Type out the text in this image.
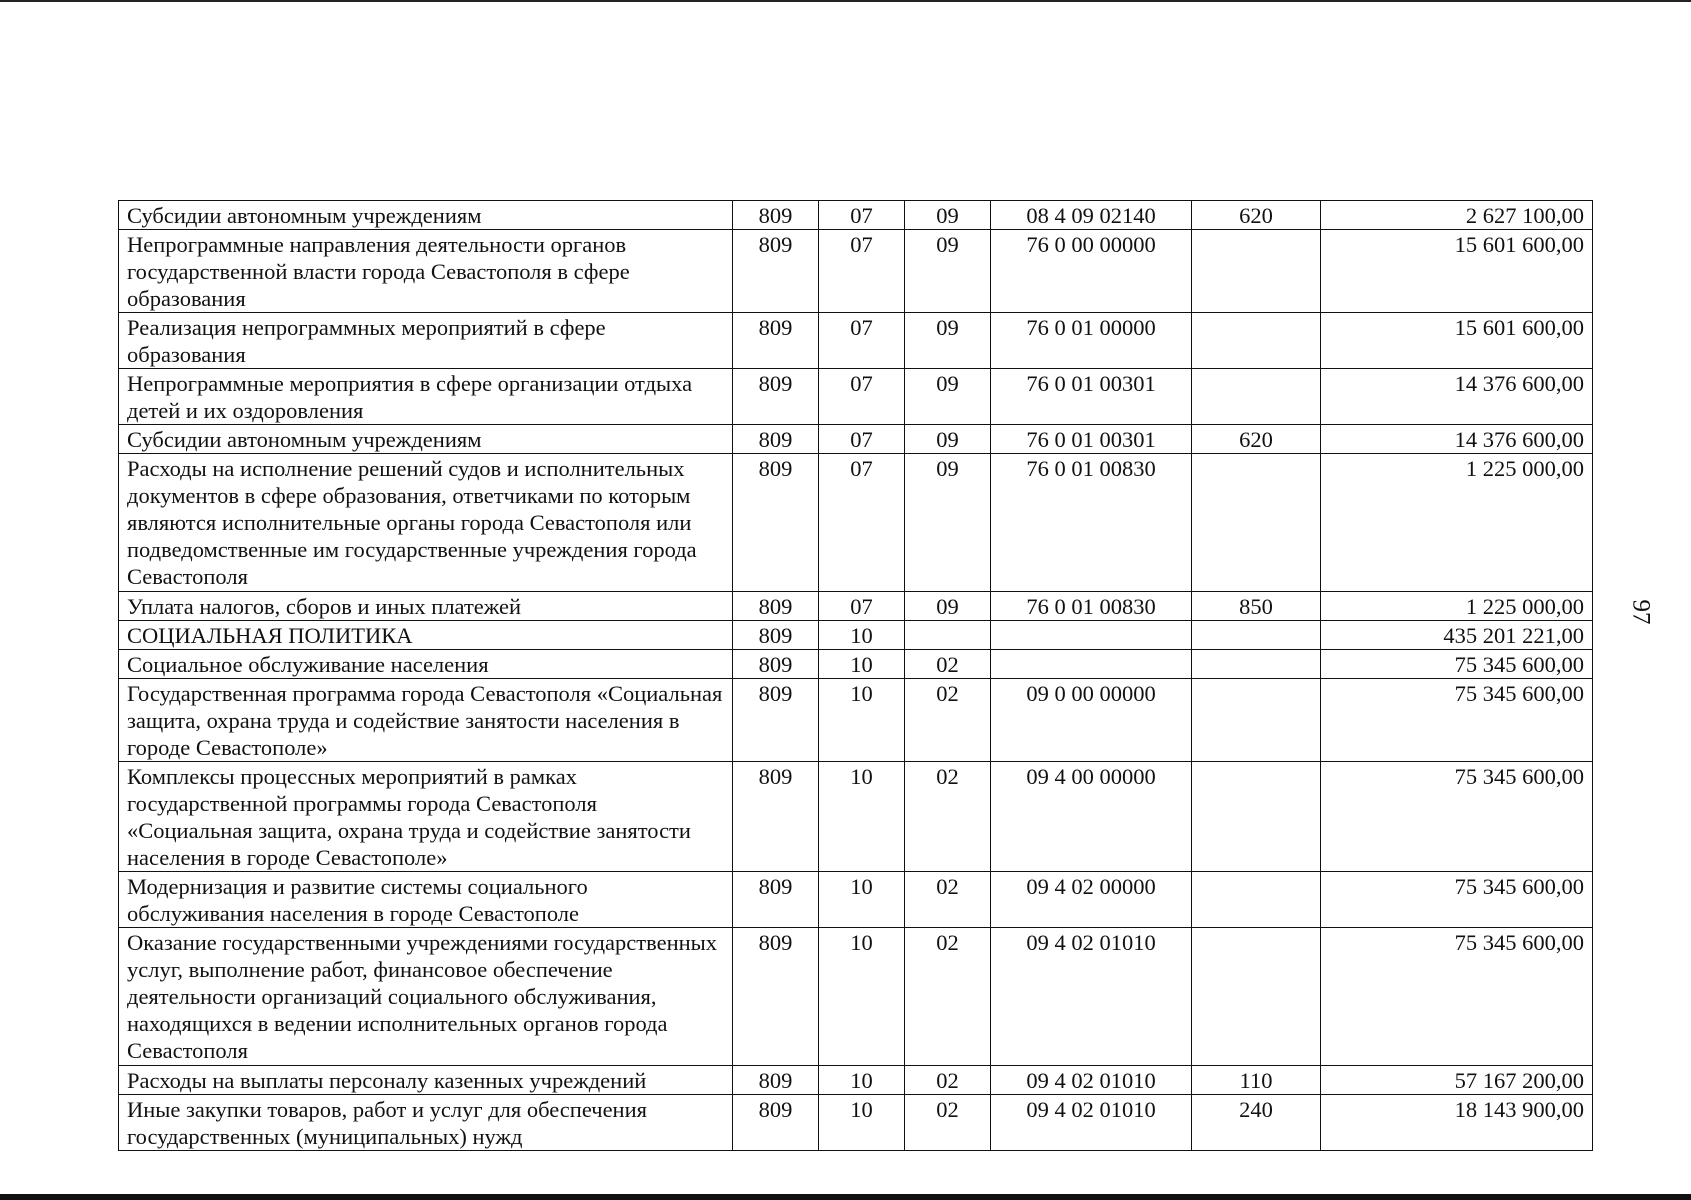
Субсидии автономным учреждениям	809	07	09	08 4 09 02140	620	2 627 100,00
Непрограммные направления деятельности органов государственной власти города Севастополя в сфере образования	809	07	09	76 0 00 00000		15 601 600,00
Реализация непрограммных мероприятий в сфере образования	809	07	09	76 0 01 00000		15 601 600,00
Непрограммные мероприятия в сфере организации отдыха детей и их оздоровления	809	07	09	76 0 01 00301		14 376 600,00
Субсидии автономным учреждениям	809	07	09	76 0 01 00301	620	14 376 600,00
Расходы на исполнение решений судов и исполнительных документов в сфере образования, ответчиками по которым являются исполнительные органы города Севастополя или подведомственные им государственные учреждения города Севастополя	809	07	09	76 0 01 00830		1 225 000,00
Уплата налогов, сборов и иных платежей	809	07	09	76 0 01 00830	850	1 225 000,00
СОЦИАЛЬНАЯ ПОЛИТИКА	809	10				435 201 221,00
Социальное обслуживание населения	809	10	02			75 345 600,00
Государственная программа города Севастополя «Социальная защита, охрана труда и содействие занятости населения в городе Севастополе»	809	10	02	09 0 00 00000		75 345 600,00
Комплексы процессных мероприятий в рамках государственной программы города Севастополя «Социальная защита, охрана труда и содействие занятости населения в городе Севастополе»	809	10	02	09 4 00 00000		75 345 600,00
Модернизация и развитие системы социального обслуживания населения в городе Севастополе	809	10	02	09 4 02 00000		75 345 600,00
Оказание государственными учреждениями государственных услуг, выполнение работ, финансовое обеспечение деятельности организаций социального обслуживания, находящихся в ведении исполнительных органов города Севастополя	809	10	02	09 4 02 01010		75 345 600,00
Расходы на выплаты персоналу казенных учреждений	809	10	02	09 4 02 01010	110	57 167 200,00
Иные закупки товаров, работ и услуг для обеспечения государственных (муниципальных) нужд	809	10	02	09 4 02 01010	240	18 143 900,00
97
